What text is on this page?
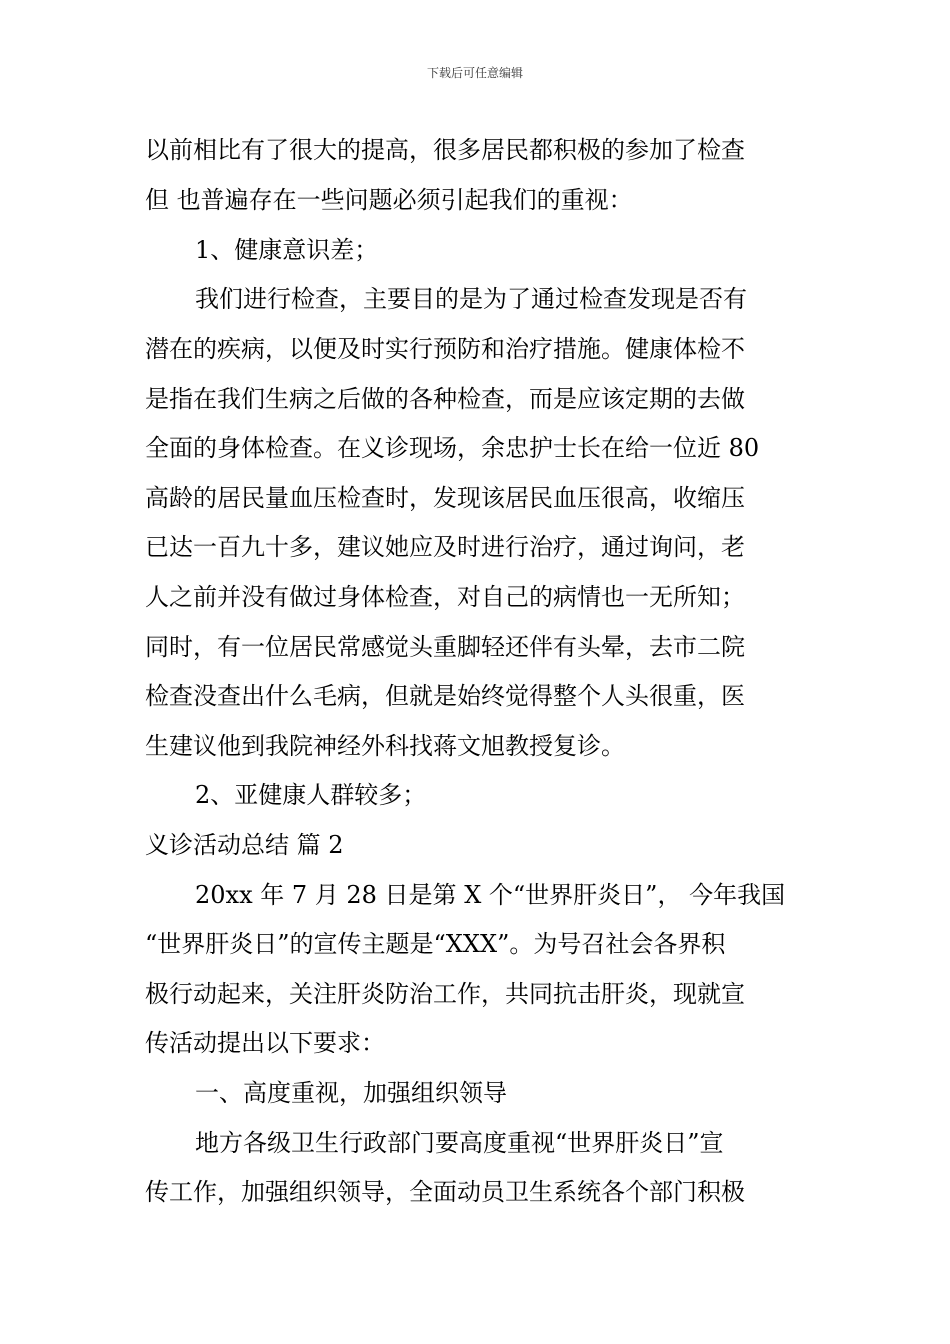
下载后可任意编辑
以前相比有了很大的提高，很多居民都积极的参加了检查
但 也普遍存在一些问题必须引起我们的重视：
1、健康意识差；
我们进行检查，主要目的是为了通过检查发现是否有
潜在的疾病，以便及时实行预防和治疗措施。健康体检不
是指在我们生病之后做的各种检查，而是应该定期的去做
全面的身体检查。在义诊现场，余忠护士长在给一位近 80
高龄的居民量血压检查时，发现该居民血压很高，收缩压
已达一百九十多，建议她应及时进行治疗，通过询问，老
人之前并没有做过身体检查，对自己的病情也一无所知；
同时，有一位居民常感觉头重脚轻还伴有头晕，去市二院
检查没查出什么毛病，但就是始终觉得整个人头很重，医
生建议他到我院神经外科找蒋文旭教授复诊。
2、亚健康人群较多；
义诊活动总结 篇 2
20xx 年 7 月 28 日是第 X 个“世界肝炎日”， 今年我国
“世界肝炎日”的宣传主题是“XXX”。为号召社会各界积
极行动起来，关注肝炎防治工作，共同抗击肝炎，现就宣
传活动提出以下要求：
一、高度重视，加强组织领导
地方各级卫生行政部门要高度重视“世界肝炎日”宣
传工作，加强组织领导，全面动员卫生系统各个部门积极
